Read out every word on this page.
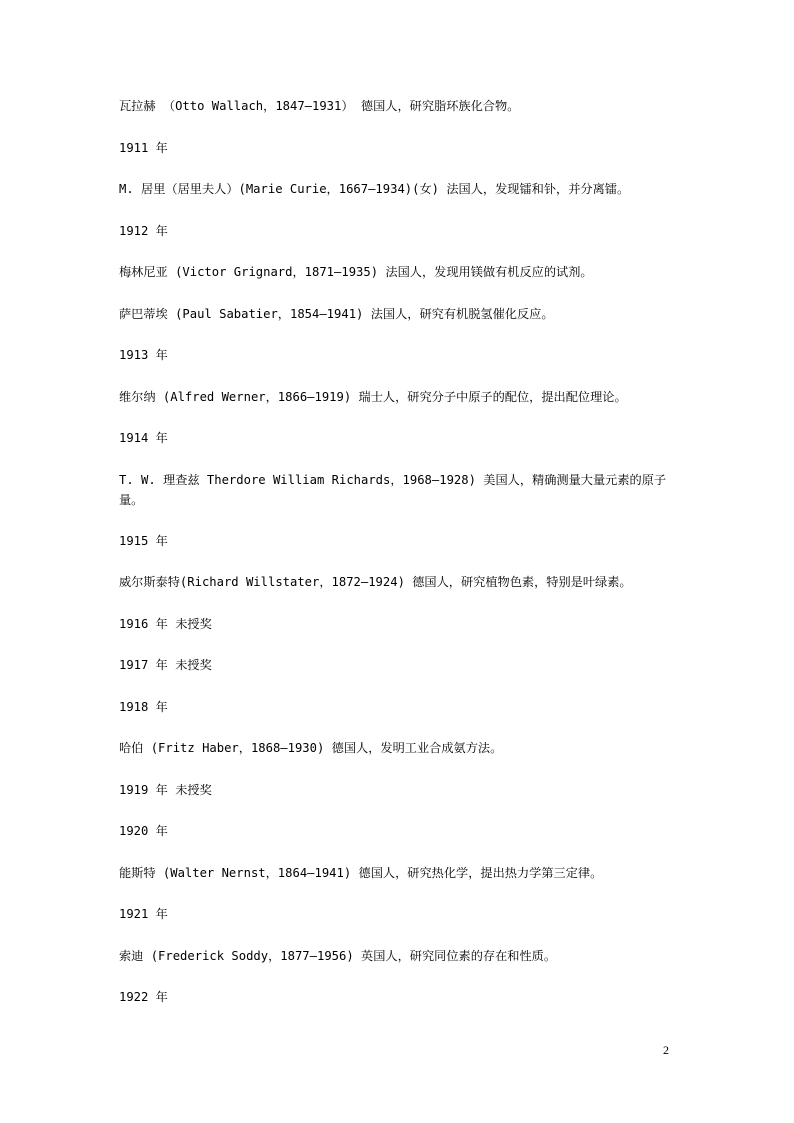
瓦拉赫 （Otto Wallach，1847—1931） 德国人，研究脂环族化合物。

1911 年

M. 居里（居里夫人）(Marie Curie，1667—1934)(女) 法国人，发现镭和钋，并分离镭。

1912 年

梅林尼亚 (Victor Grignard，1871—1935) 法国人，发现用镁做有机反应的试剂。

萨巴蒂埃 (Paul Sabatier，1854—1941) 法国人，研究有机脱氢催化反应。

1913 年

维尔纳 (Alfred Werner，1866—1919) 瑞士人，研究分子中原子的配位，提出配位理论。

1914 年

T. W. 理查兹 Therdore William Richards，1968—1928) 美国人，精确测量大量元素的原子量。

1915 年

威尔斯泰特(Richard Willstater，1872—1924) 德国人，研究植物色素，特别是叶绿素。

1916 年 未授奖

1917 年 未授奖

1918 年

哈伯 (Fritz Haber，1868—1930) 德国人，发明工业合成氨方法。

1919 年 未授奖

1920 年

能斯特 (Walter Nernst，1864—1941) 德国人，研究热化学，提出热力学第三定律。

1921 年

索迪 (Frederick Soddy，1877—1956) 英国人，研究同位素的存在和性质。

1922 年

2
